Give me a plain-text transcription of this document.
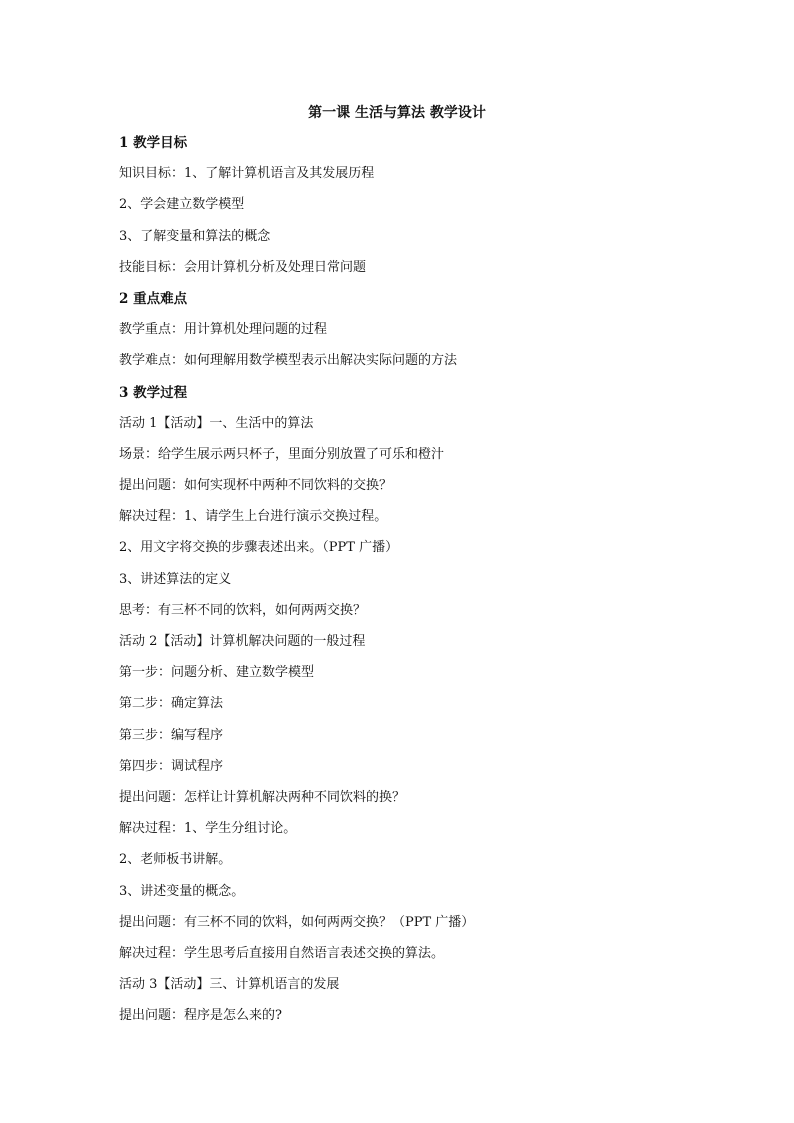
第一课 生活与算法 教学设计
1 教学目标
知识目标：1、了解计算机语言及其发展历程
2、学会建立数学模型
3、了解变量和算法的概念
技能目标：会用计算机分析及处理日常问题
2 重点难点
教学重点：用计算机处理问题的过程
教学难点：如何理解用数学模型表示出解决实际问题的方法
3 教学过程
活动 1【活动】一、生活中的算法
场景：给学生展示两只杯子，里面分别放置了可乐和橙汁
提出问题：如何实现杯中两种不同饮料的交换？
解决过程：1、请学生上台进行演示交换过程。
2、用文字将交换的步骤表述出来。（PPT 广播）
3、讲述算法的定义
思考：有三杯不同的饮料，如何两两交换？
活动 2【活动】计算机解决问题的一般过程
第一步：问题分析、建立数学模型
第二步：确定算法
第三步：编写程序
第四步：调试程序
提出问题：怎样让计算机解决两种不同饮料的换？
解决过程：1、学生分组讨论。
2、老师板书讲解。
3、讲述变量的概念。
提出问题：有三杯不同的饮料，如何两两交换？（PPT 广播）
解决过程：学生思考后直接用自然语言表述交换的算法。
活动 3【活动】三、计算机语言的发展
提出问题：程序是怎么来的?
